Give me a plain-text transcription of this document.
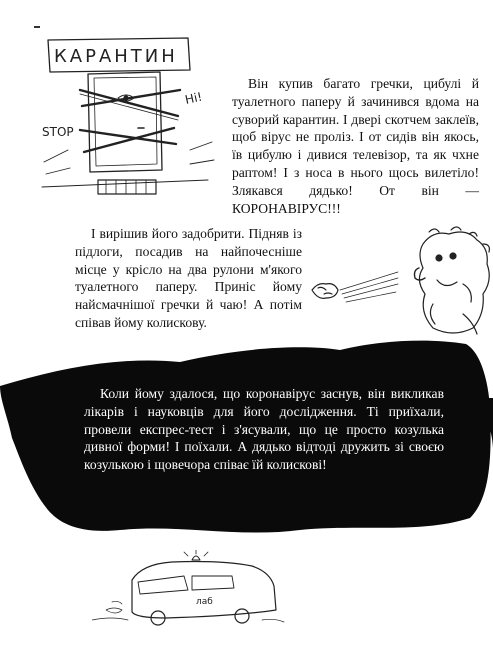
КАРАНТИН
STOP
Hi!

Він купив багато гречки, цибулі й туалетного паперу й зачинився вдома на суворий карантин. І двері скотчем заклеїв, щоб вірус не проліз. І от сидів він якось, їв цибулю і дивися телевізор, та як чхне раптом! І з носа в нього щось вилетіло! Злякався дядько! От він — КОРОНАВІРУС!!!

І вирішив його задобрити. Підняв із підлоги, посадив на найпочесніше місце у крісло на два рулони м'якого туалетного паперу. Приніс йому найсмачнішої гречки й чаю! А потім співав йому колискову.

Коли йому здалося, що коронавірус заснув, він викликав лікарів і науковців для його дослідження. Ті приїхали, провели експрес-тест і з'ясували, що це просто козулька дивної форми! І поїхали. А дядько відтоді дружить зі своєю козулькою і щовечора співає їй колискові!

лаб
